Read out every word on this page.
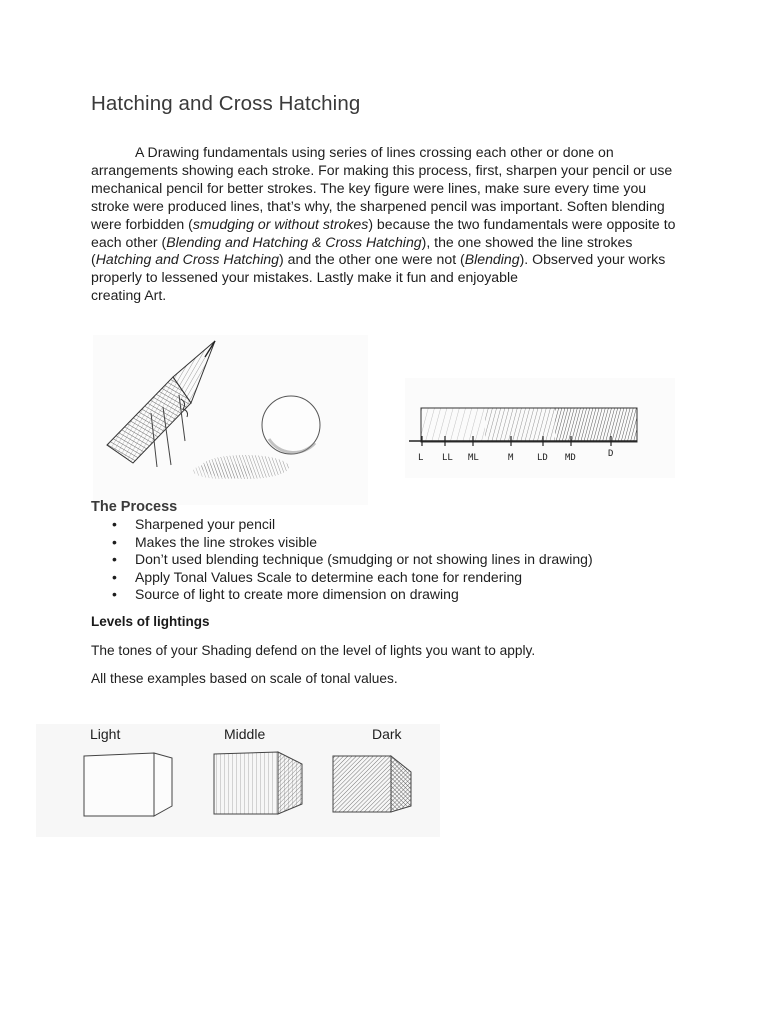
Hatching and Cross Hatching

A Drawing fundamentals using series of lines crossing each other or done on arrangements showing each stroke. For making this process, first, sharpen your pencil or use mechanical pencil for better strokes. The key figure were lines, make sure every time you stroke were produced lines, that’s why, the sharpened pencil was important. Soften blending were forbidden (smudging or without strokes) because the two fundamentals were opposite to each other (Blending and Hatching & Cross Hatching), the one showed the line strokes (Hatching and Cross Hatching) and the other one were not (Blending). Observed your works properly to lessened your mistakes. Lastly make it fun and enjoyable
creating Art.

L LL ML	M	LD MD	D
The Process
• Sharpened your pencil
• Makes the line strokes visible
• Don’t used blending technique (smudging or not showing lines in drawing)
• Apply Tonal Values Scale to determine each tone for rendering
• Source of light to create more dimension on drawing
Levels of lightings

The tones of your Shading defend on the level of lights you want to apply.

All these examples based on scale of tonal values.

Light	Middle	Dark
